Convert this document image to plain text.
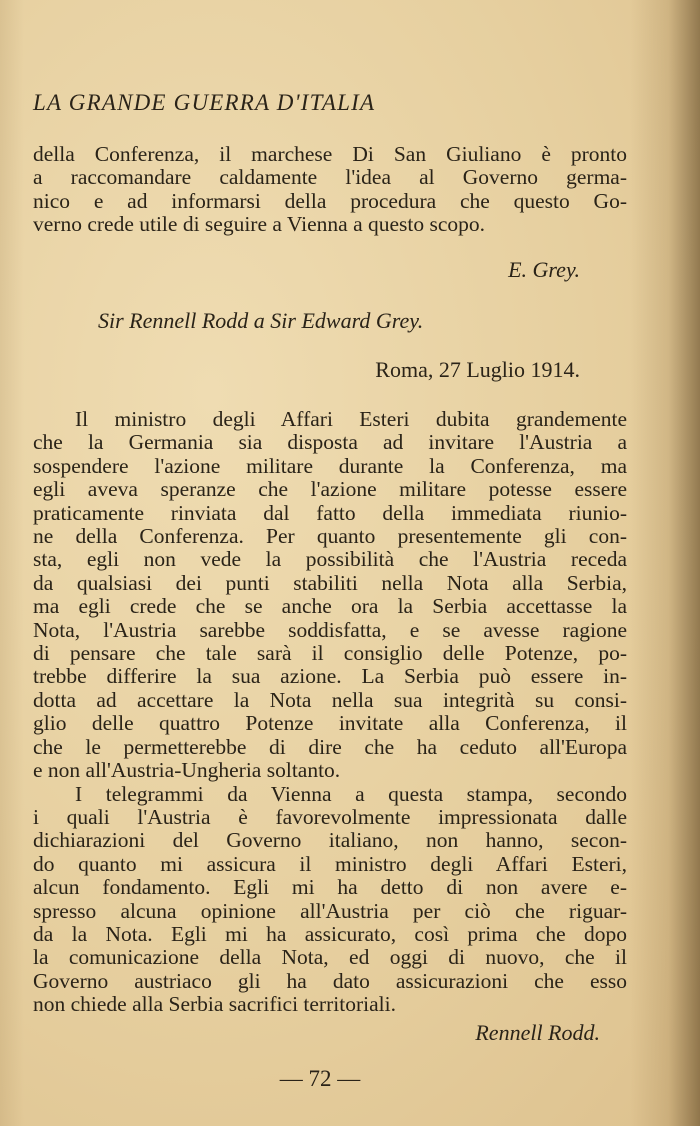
LA GRANDE GUERRA D'ITALIA
della Conferenza, il marchese Di San Giuliano è pronto
a raccomandare caldamente l'idea al Governo germa-
nico e ad informarsi della procedura che questo Go-
verno crede utile di seguire a Vienna a questo scopo.
E. Grey.
Sir Rennell Rodd a Sir Edward Grey.
Roma, 27 Luglio 1914.
Il ministro degli Affari Esteri dubita grandemente
che la Germania sia disposta ad invitare l'Austria a
sospendere l'azione militare durante la Conferenza, ma
egli aveva speranze che l'azione militare potesse essere
praticamente rinviata dal fatto della immediata riunio-
ne della Conferenza. Per quanto presentemente gli con-
sta, egli non vede la possibilità che l'Austria receda
da qualsiasi dei punti stabiliti nella Nota alla Serbia,
ma egli crede che se anche ora la Serbia accettasse la
Nota, l'Austria sarebbe soddisfatta, e se avesse ragione
di pensare che tale sarà il consiglio delle Potenze, po-
trebbe differire la sua azione. La Serbia può essere in-
dotta ad accettare la Nota nella sua integrità su consi-
glio delle quattro Potenze invitate alla Conferenza, il
che le permetterebbe di dire che ha ceduto all'Europa
e non all'Austria-Ungheria soltanto.
I telegrammi da Vienna a questa stampa, secondo
i quali l'Austria è favorevolmente impressionata dalle
dichiarazioni del Governo italiano, non hanno, secon-
do quanto mi assicura il ministro degli Affari Esteri,
alcun fondamento. Egli mi ha detto di non avere e-
spresso alcuna opinione all'Austria per ciò che riguar-
da la Nota. Egli mi ha assicurato, così prima che dopo
la comunicazione della Nota, ed oggi di nuovo, che il
Governo austriaco gli ha dato assicurazioni che esso
non chiede alla Serbia sacrifici territoriali.
Rennell Rodd.
— 72 —
